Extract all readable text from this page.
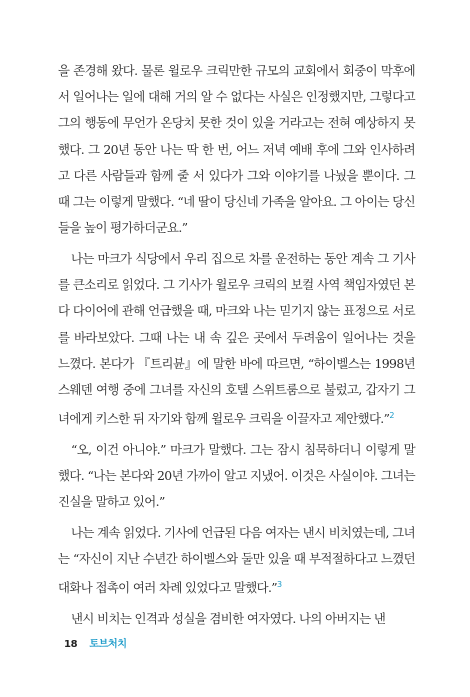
을 존경해 왔다. 물론 윌로우 크릭만한 규모의 교회에서 회중이 막후에서 일어나는 일에 대해 거의 알 수 없다는 사실은 인정했지만, 그렇다고 그의 행동에 무언가 온당치 못한 것이 있을 거라고는 전혀 예상하지 못했다. 그 20년 동안 나는 딱 한 번, 어느 저녁 예배 후에 그와 인사하려고 다른 사람들과 함께 줄 서 있다가 그와 이야기를 나눴을 뿐이다. 그때 그는 이렇게 말했다. “네 딸이 당신네 가족을 알아요. 그 아이는 당신들을 높이 평가하더군요.”

나는 마크가 식당에서 우리 집으로 차를 운전하는 동안 계속 그 기사를 큰소리로 읽었다. 그 기사가 윌로우 크릭의 보컬 사역 책임자였던 본다 다이어에 관해 언급했을 때, 마크와 나는 믿기지 않는 표정으로 서로를 바라보았다. 그때 나는 내 속 깊은 곳에서 두려움이 일어나는 것을 느꼈다. 본다가 『트리뷴』에 말한 바에 따르면, “하이벨스는 1998년 스웨덴 여행 중에 그녀를 자신의 호텔 스위트룸으로 불렀고, 갑자기 그녀에게 키스한 뒤 자기와 함께 윌로우 크릭을 이끌자고 제안했다.”$^2$

“오, 이건 아니야.” 마크가 말했다. 그는 잠시 침묵하더니 이렇게 말했다. “나는 본다와 20년 가까이 알고 지냈어. 이것은 사실이야. 그녀는 진실을 말하고 있어.”

나는 계속 읽었다. 기사에 언급된 다음 여자는 낸시 비치였는데, 그녀는 “자신이 지난 수년간 하이벨스와 둘만 있을 때 부적절하다고 느꼈던 대화나 접촉이 여러 차례 있었다고 말했다.”$^3$

낸시 비치는 인격과 성실을 겸비한 여자였다. 나의 아버지는 낸

18 토브처치
